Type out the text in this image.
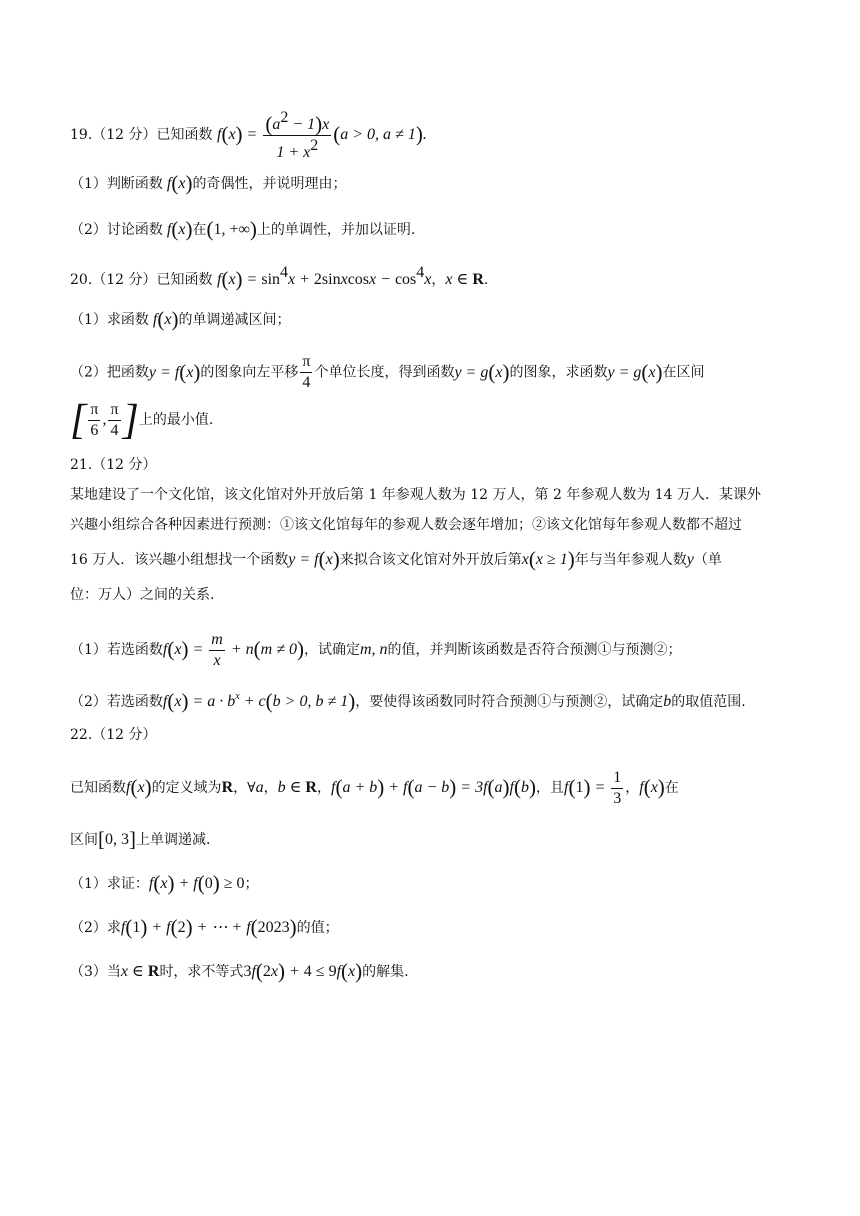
19.（12 分）已知函数 $f(x) = \frac{(a^2 - 1)x}{1 + x^2} (a > 0$, a ≠ 1).
（1）判断函数 f(x)的奇偶性，并说明理由；
（2）讨论函数 f(x)在(1, +∞)上的单调性，并加以证明.
20.（12 分）已知函数 $f(x) = \sin^4x$ + 2sinxcosx − $\cos^4x$，x ∈ R.
（1）求函数 f(x)的单调递减区间；
（2）把函数y = f(x)的图象向左平移 $\frac{\pi}{4}$ 个单位长度，得到函数y = g(x)的图象，求函数y = g(x)在区间
[ $\frac{\pi}{6}$ , $\frac{\pi}{4}$ ]上的最小值.
21.（12 分）
某地建设了一个文化馆，该文化馆对外开放后第 1 年参观人数为 12 万人，第 2 年参观人数为 14 万人．某课外
兴趣小组综合各种因素进行预测：①该文化馆每年的参观人数会逐年增加；②该文化馆每年参观人数都不超过
16 万人．该兴趣小组想找一个函数y = f(x)来拟合该文化馆对外开放后第x(x ≥ 1)年与当年参观人数y（单
位：万人）之间的关系.
（1）若选函数$f(x) = \frac{m}{x} + n(m \ne 0)$，试确定m, n的值，并判断该函数是否符合预测①与预测②；
（2）若选函数$f(x) = a \cdot b^x + c(b > 0$, b ≠ 1)，要使得该函数同时符合预测①与预测②，试确定b的取值范围.
22.（12 分）
已知函数f(x)的定义域为R，∀a，b ∈ R，f(a + b) + f(a − b) = 3f(a)f(b)，且$f(1) = \frac{1}{3}$ ，f(x)在
区间[0, 3]上单调递减.
（1）求证：f(x) + f(0) ≥ 0；
（2）求f(1) + f(2) + ⋯ + f(2023)的值；
（3）当x ∈ R时，求不等式3f(2x) + 4 ≤ 9f(x)的解集.
